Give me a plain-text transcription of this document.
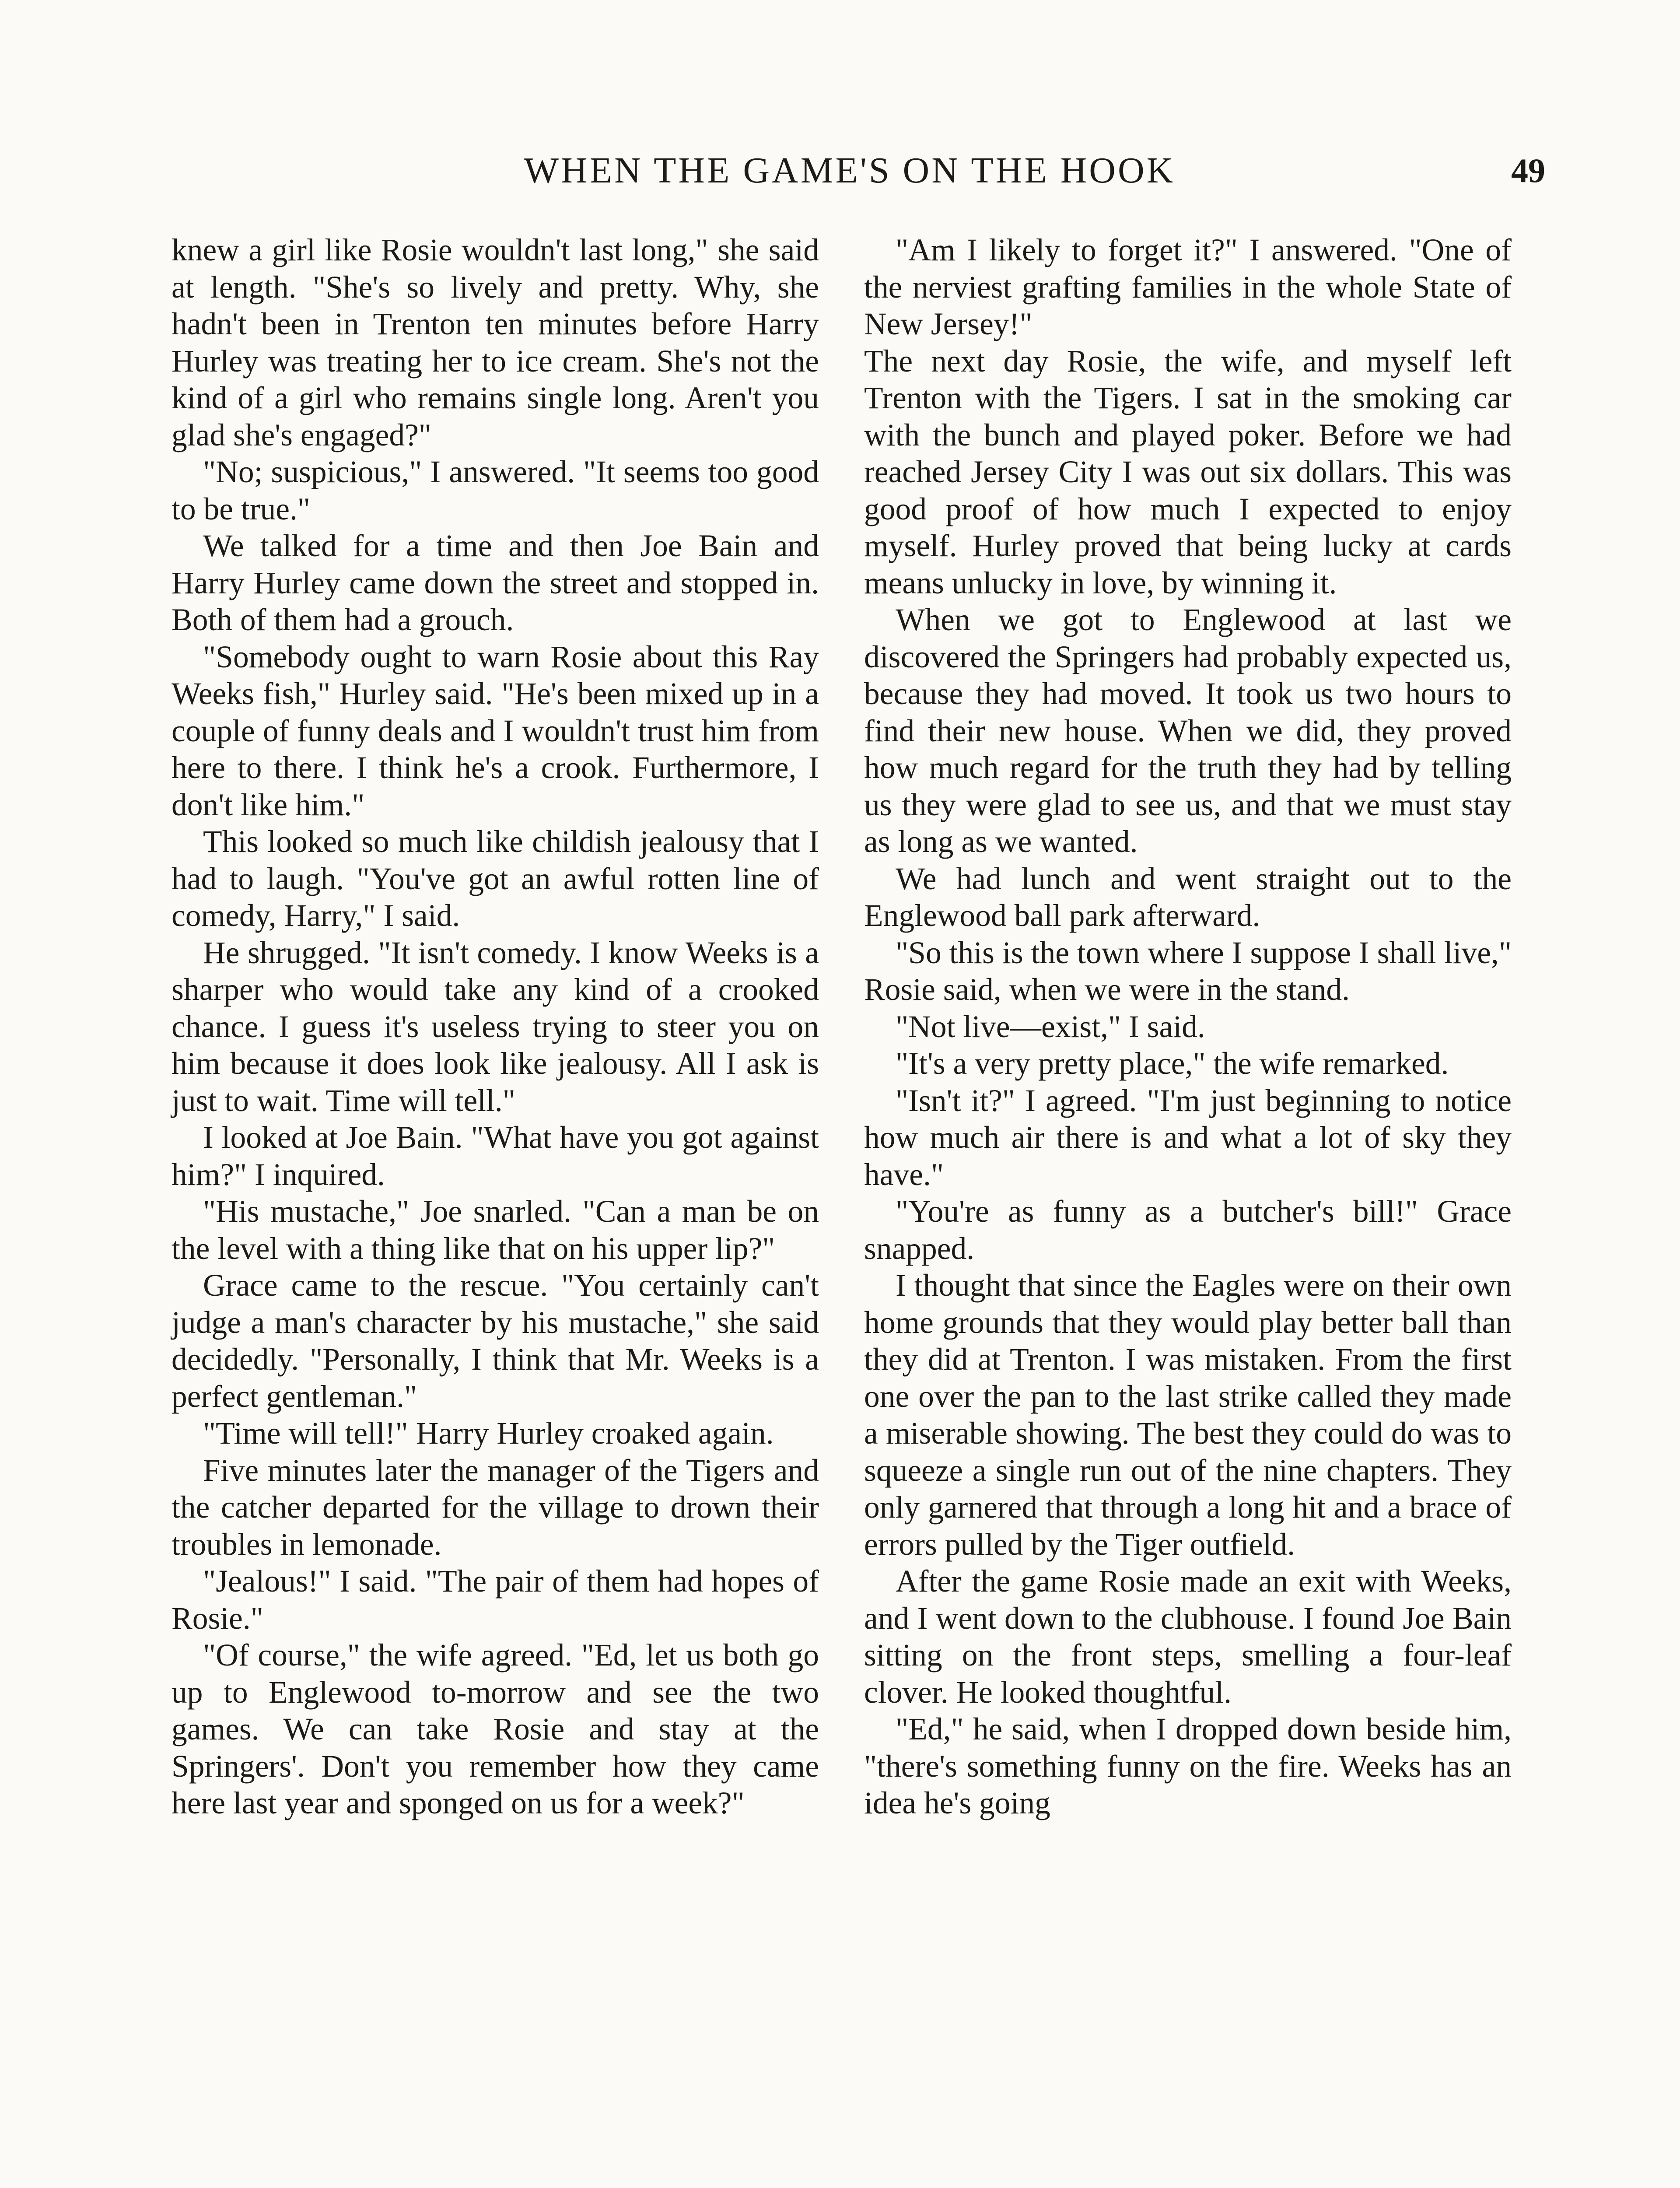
WHEN THE GAME'S ON THE HOOK	49

knew a girl like Rosie wouldn't last long," she said at length. "She's so lively and pretty. Why, she hadn't been in Trenton ten minutes before Harry Hurley was treating her to ice cream. She's not the kind of a girl who remains single long. Aren't you glad she's engaged?"

"No; suspicious," I answered. "It seems too good to be true."

We talked for a time and then Joe Bain and Harry Hurley came down the street and stopped in. Both of them had a grouch.

"Somebody ought to warn Rosie about this Ray Weeks fish," Hurley said. "He's been mixed up in a couple of funny deals and I wouldn't trust him from here to there. I think he's a crook. Furthermore, I don't like him."

This looked so much like childish jealousy that I had to laugh. "You've got an awful rotten line of comedy, Harry," I said.

He shrugged. "It isn't comedy. I know Weeks is a sharper who would take any kind of a crooked chance. I guess it's useless trying to steer you on him because it does look like jealousy. All I ask is just to wait. Time will tell."

I looked at Joe Bain. "What have you got against him?" I inquired.

"His mustache," Joe snarled. "Can a man be on the level with a thing like that on his upper lip?"

Grace came to the rescue. "You certainly can't judge a man's character by his mustache," she said decidedly. "Personally, I think that Mr. Weeks is a perfect gentleman."

"Time will tell!" Harry Hurley croaked again.

Five minutes later the manager of the Tigers and the catcher departed for the village to drown their troubles in lemonade.

"Jealous!" I said. "The pair of them had hopes of Rosie."

"Of course," the wife agreed. "Ed, let us both go up to Englewood to-morrow and see the two games. We can take Rosie and stay at the Springers'. Don't you remember how they came here last year and sponged on us for a week?"

"Am I likely to forget it?" I answered. "One of the nerviest grafting families in the whole State of New Jersey!"

The next day Rosie, the wife, and myself left Trenton with the Tigers. I sat in the smoking car with the bunch and played poker. Before we had reached Jersey City I was out six dollars. This was good proof of how much I expected to enjoy myself. Hurley proved that being lucky at cards means unlucky in love, by winning it.

When we got to Englewood at last we discovered the Springers had probably expected us, because they had moved. It took us two hours to find their new house. When we did, they proved how much regard for the truth they had by telling us they were glad to see us, and that we must stay as long as we wanted.

We had lunch and went straight out to the Englewood ball park afterward.

"So this is the town where I suppose I shall live," Rosie said, when we were in the stand.

"Not live—exist," I said.

"It's a very pretty place," the wife remarked.

"Isn't it?" I agreed. "I'm just beginning to notice how much air there is and what a lot of sky they have."

"You're as funny as a butcher's bill!" Grace snapped.

I thought that since the Eagles were on their own home grounds that they would play better ball than they did at Trenton. I was mistaken. From the first one over the pan to the last strike called they made a miserable showing. The best they could do was to squeeze a single run out of the nine chapters. They only garnered that through a long hit and a brace of errors pulled by the Tiger outfield.

After the game Rosie made an exit with Weeks, and I went down to the clubhouse. I found Joe Bain sitting on the front steps, smelling a four-leaf clover. He looked thoughtful.

"Ed," he said, when I dropped down beside him, "there's something funny on the fire. Weeks has an idea he's going
